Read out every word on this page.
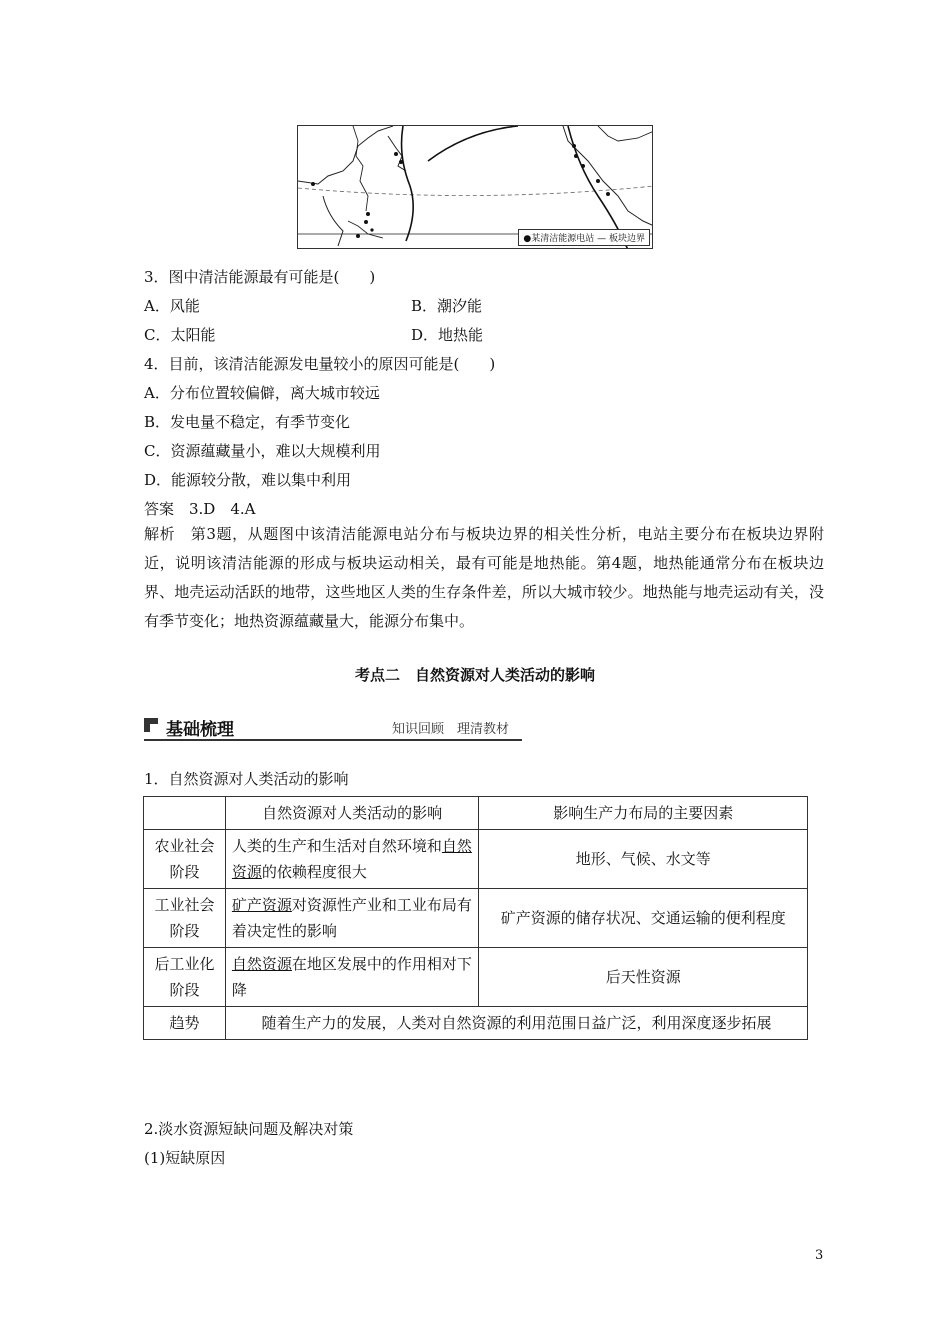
●某清洁能源电站 — 板块边界
3．图中清洁能源最有可能是(　　)
A．风能	B．潮汐能
C．太阳能	D．地热能
4．目前，该清洁能源发电量较小的原因可能是(　　)
A．分布位置较偏僻，离大城市较远
B．发电量不稳定，有季节变化
C．资源蕴藏量小，难以大规模利用
D．能源较分散，难以集中利用
答案　3.D　4.A
解析　第3题，从题图中该清洁能源电站分布与板块边界的相关性分析，电站主要分布在板块边界附近，说明该清洁能源的形成与板块运动相关，最有可能是地热能。第4题，地热能通常分布在板块边界、地壳运动活跃的地带，这些地区人类的生存条件差，所以大城市较少。地热能与地壳运动有关，没有季节变化；地热资源蕴藏量大，能源分布集中。
考点二　自然资源对人类活动的影响
基础梳理	知识回顾　理清教材
1．自然资源对人类活动的影响
	自然资源对人类活动的影响	影响生产力布局的主要因素
农业社会阶段	人类的生产和生活对自然环境和自然资源的依赖程度很大	地形、气候、水文等
工业社会阶段	矿产资源对资源性产业和工业布局有着决定性的影响	矿产资源的储存状况、交通运输的便利程度
后工业化阶段	自然资源在地区发展中的作用相对下降	后天性资源
趋势	随着生产力的发展，人类对自然资源的利用范围日益广泛，利用深度逐步拓展	
2.淡水资源短缺问题及解决对策
(1)短缺原因
3
